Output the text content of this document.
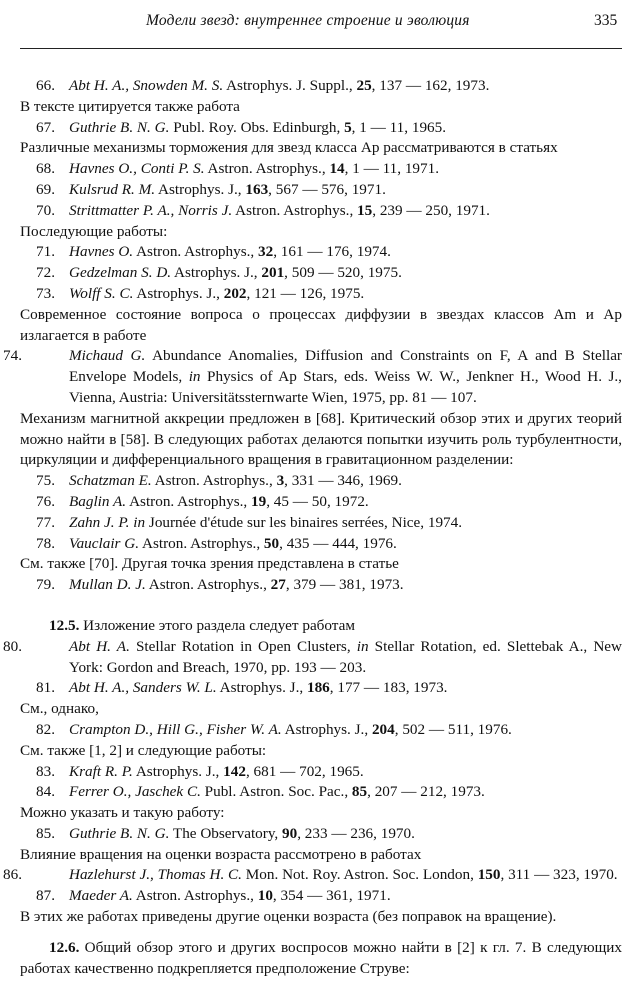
Модели звезд: внутреннее строение и эволюция	335
66. Abt H. A., Snowden M. S. Astrophys. J. Suppl., 25, 137 — 162, 1973.
В тексте цитируется также работа
67. Guthrie B. N. G. Publ. Roy. Obs. Edinburgh, 5, 1 — 11, 1965.
Различные механизмы торможения для звезд класса Ар рассматриваются в статьях
68. Havnes O., Conti P. S. Astron. Astrophys., 14, 1 — 11, 1971.
69. Kulsrud R. M. Astrophys. J., 163, 567 — 576, 1971.
70. Strittmatter P. A., Norris J. Astron. Astrophys., 15, 239 — 250, 1971.
Последующие работы:
71. Havnes O. Astron. Astrophys., 32, 161 — 176, 1974.
72. Gedzelman S. D. Astrophys. J., 201, 509 — 520, 1975.
73. Wolff S. C. Astrophys. J., 202, 121 — 126, 1975.
Современное состояние вопроса о процессах диффузии в звездах классов Am и Ар излагается в работе
74.	Michaud G. Abundance Anomalies, Diffusion and Constraints on F, A and B Stellar Envelope Models, in Physics of Ap Stars, eds. Weiss W. W., Jenkner H., Wood H. J., Vienna, Austria: Universitätssternwarte Wien, 1975, pp. 81 — 107.
Механизм магнитной аккреции предложен в [68]. Критический обзор этих и других теорий можно найти в [58]. В следующих работах делаются попытки изучить роль турбулентности, циркуляции и дифференциального вращения в гравитационном разделении:
75. Schatzman E. Astron. Astrophys., 3, 331 — 346, 1969.
76. Baglin A. Astron. Astrophys., 19, 45 — 50, 1972.
77. Zahn J. P. in Journée d'étude sur les binaires serrées, Nice, 1974.
78. Vauclair G. Astron. Astrophys., 50, 435 — 444, 1976.
См. также [70]. Другая точка зрения представлена в статье
79. Mullan D. J. Astron. Astrophys., 27, 379 — 381, 1973.
12.5. Изложение этого раздела следует работам
80.	Abt H. A. Stellar Rotation in Open Clusters, in Stellar Rotation, ed. Slettebak A., New York: Gordon and Breach, 1970, pp. 193 — 203.
81. Abt H. A., Sanders W. L. Astrophys. J., 186, 177 — 183, 1973.
См., однако,
82. Crampton D., Hill G., Fisher W. A. Astrophys. J., 204, 502 — 511, 1976.
См. также [1, 2] и следующие работы:
83. Kraft R. P. Astrophys. J., 142, 681 — 702, 1965.
84. Ferrer O., Jaschek C. Publ. Astron. Soc. Pac., 85, 207 — 212, 1973.
Можно указать и такую работу:
85. Guthrie B. N. G. The Observatory, 90, 233 — 236, 1970.
Влияние вращения на оценки возраста рассмотрено в работах
86.	Hazlehurst J., Thomas H. C. Mon. Not. Roy. Astron. Soc. London, 150, 311 — 323, 1970.
87. Maeder A. Astron. Astrophys., 10, 354 — 361, 1971.
В этих же работах приведены другие оценки возраста (без поправок на вращение).
12.6. Общий обзор этого и других воспросов можно найти в [2] к гл. 7. В следующих работах качественно подкрепляется предположение Струве:
